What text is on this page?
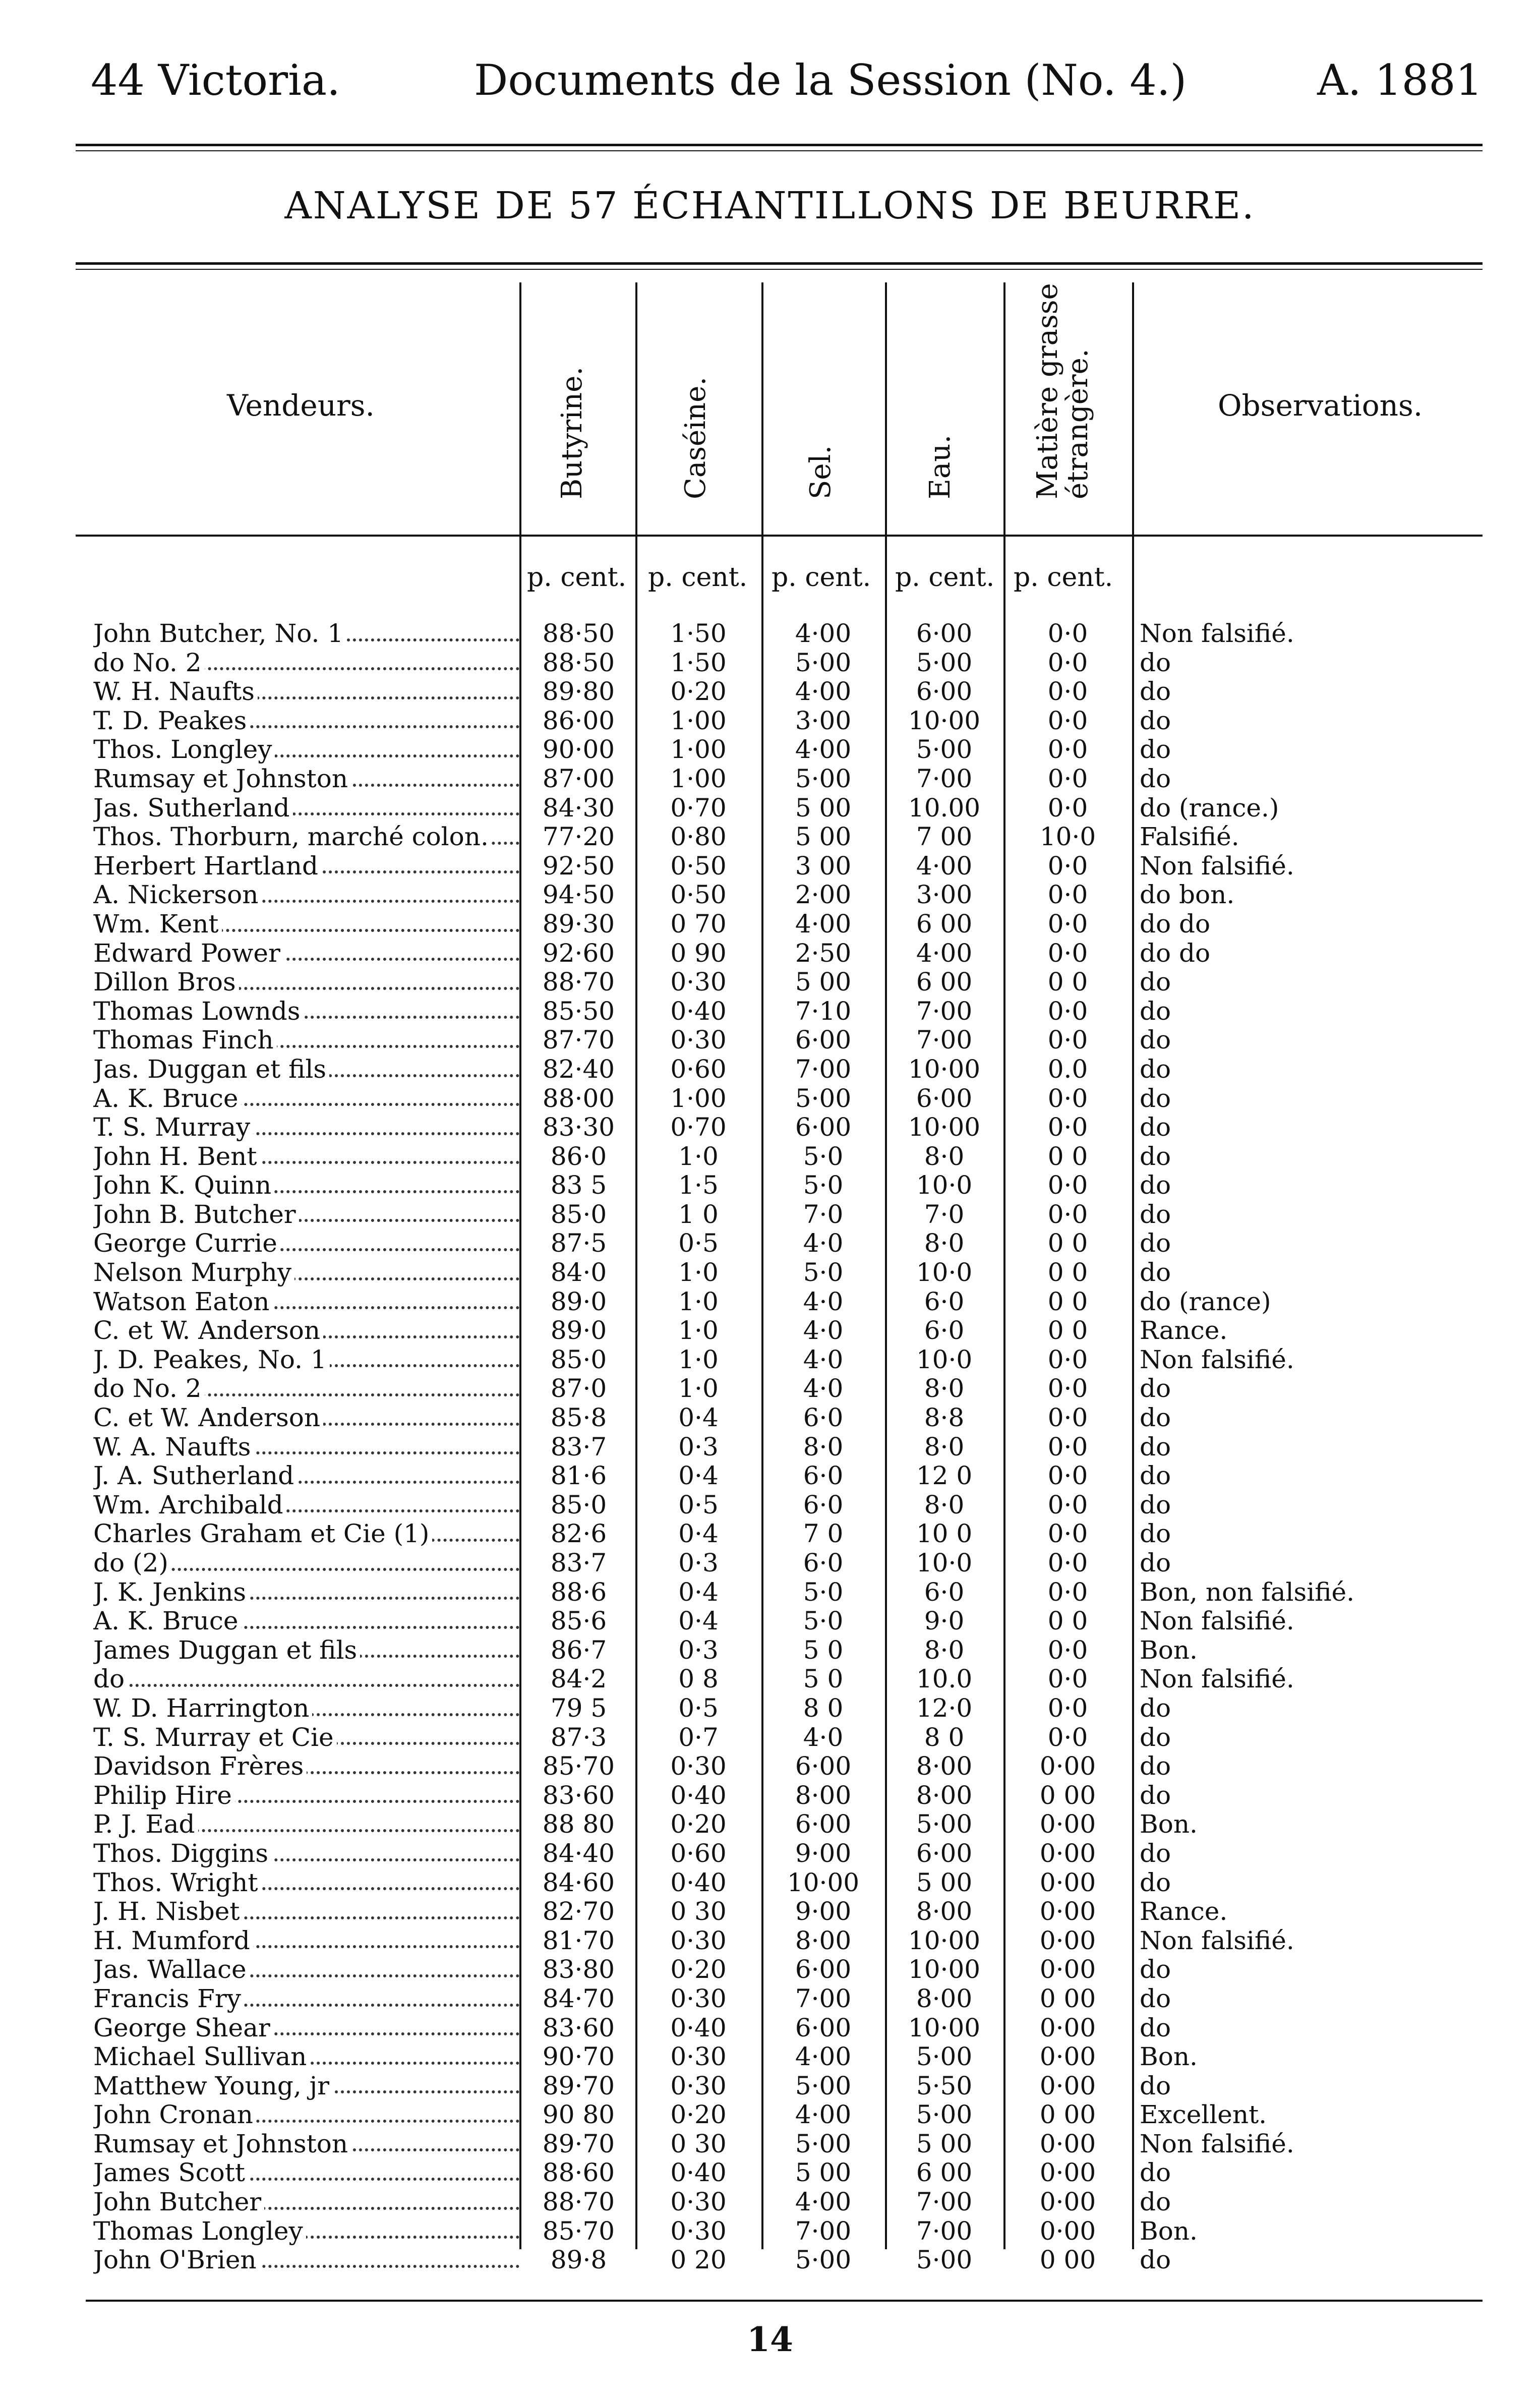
44 Victoria.	Documents de la Session (No. 4.)	A. 1881
ANALYSE DE 57 ÉCHANTILLONS DE BEURRE.
Vendeurs.	Observations.
Butyrine.	Caséine.	Sel.	Eau.	Matière grasse
étrangère.
p. cent. p. cent. p. cent. p. cent. p. cent.
John Butcher, No. 1	88·50	1·50	4·00	6·00	0·0	Non falsifié.
do No. 2	88·50	1·50	5·00	5·00	0·0	do
W. H. Naufts	89·80	0·20	4·00	6·00	0·0	do
T. D. Peakes	86·00	1·00	3·00	10·00	0·0	do
Thos. Longley	90·00	1·00	4·00	5·00	0·0	do
Rumsay et Johnston	87·00	1·00	5·00	7·00	0·0	do
Jas. Sutherland	84·30	0·70	5 00	10.00	0·0	do (rance.)
Thos. Thorburn, marché colon.	77·20	0·80	5 00	7 00	10·0	Falsifié.
Herbert Hartland	92·50	0·50	3 00	4·00	0·0	Non falsifié.
A. Nickerson	94·50	0·50	2·00	3·00	0·0	do bon.
Wm. Kent	89·30	0 70	4·00	6 00	0·0	do do
Edward Power	92·60	0 90	2·50	4·00	0·0	do do
Dillon Bros	88·70	0·30	5 00	6 00	0 0	do
Thomas Lownds	85·50	0·40	7·10	7·00	0·0	do
Thomas Finch	87·70	0·30	6·00	7·00	0·0	do
Jas. Duggan et fils	82·40	0·60	7·00	10·00	0.0	do
A. K. Bruce	88·00	1·00	5·00	6·00	0·0	do
T. S. Murray	83·30	0·70	6·00	10·00	0·0	do
John H. Bent	86·0	1·0	5·0	8·0	0 0	do
John K. Quinn	83 5	1·5	5·0	10·0	0·0	do
John B. Butcher	85·0	1 0	7·0	7·0	0·0	do
George Currie	87·5	0·5	4·0	8·0	0 0	do
Nelson Murphy	84·0	1·0	5·0	10·0	0 0	do
Watson Eaton	89·0	1·0	4·0	6·0	0 0	do (rance)
C. et W. Anderson	89·0	1·0	4·0	6·0	0 0	Rance.
J. D. Peakes, No. 1	85·0	1·0	4·0	10·0	0·0	Non falsifié.
do No. 2	87·0	1·0	4·0	8·0	0·0	do
C. et W. Anderson	85·8	0·4	6·0	8·8	0·0	do
W. A. Naufts	83·7	0·3	8·0	8·0	0·0	do
J. A. Sutherland	81·6	0·4	6·0	12 0	0·0	do
Wm. Archibald	85·0	0·5	6·0	8·0	0·0	do
Charles Graham et Cie (1)	82·6	0·4	7 0	10 0	0·0	do
do (2)	83·7	0·3	6·0	10·0	0·0	do
J. K. Jenkins	88·6	0·4	5·0	6·0	0·0	Bon, non falsifié.
A. K. Bruce	85·6	0·4	5·0	9·0	0 0	Non falsifié.
James Duggan et fils	86·7	0·3	5 0	8·0	0·0	Bon.
do	84·2	0 8	5 0	10.0	0·0	Non falsifié.
W. D. Harrington	79 5	0·5	8 0	12·0	0·0	do
T. S. Murray et Cie	87·3	0·7	4·0	8 0	0·0	do
Davidson Frères	85·70	0·30	6·00	8·00	0·00	do
Philip Hire	83·60	0·40	8·00	8·00	0 00	do
P. J. Ead	88 80	0·20	6·00	5·00	0·00	Bon.
Thos. Diggins	84·40	0·60	9·00	6·00	0·00	do
Thos. Wright	84·60	0·40	10·00	5 00	0·00	do
J. H. Nisbet	82·70	0 30	9·00	8·00	0·00	Rance.
H. Mumford	81·70	0·30	8·00	10·00	0·00	Non falsifié.
Jas. Wallace	83·80	0·20	6·00	10·00	0·00	do
Francis Fry	84·70	0·30	7·00	8·00	0 00	do
George Shear	83·60	0·40	6·00	10·00	0·00	do
Michael Sullivan	90·70	0·30	4·00	5·00	0·00	Bon.
Matthew Young, jr	89·70	0·30	5·00	5·50	0·00	do
John Cronan	90 80	0·20	4·00	5·00	0 00	Excellent.
Rumsay et Johnston	89·70	0 30	5·00	5 00	0·00	Non falsifié.
James Scott	88·60	0·40	5 00	6 00	0·00	do
John Butcher	88·70	0·30	4·00	7·00	0·00	do
Thomas Longley	85·70	0·30	7·00	7·00	0·00	Bon.
John O'Brien	89·8	0 20	5·00	5·00	0 00	do
14
